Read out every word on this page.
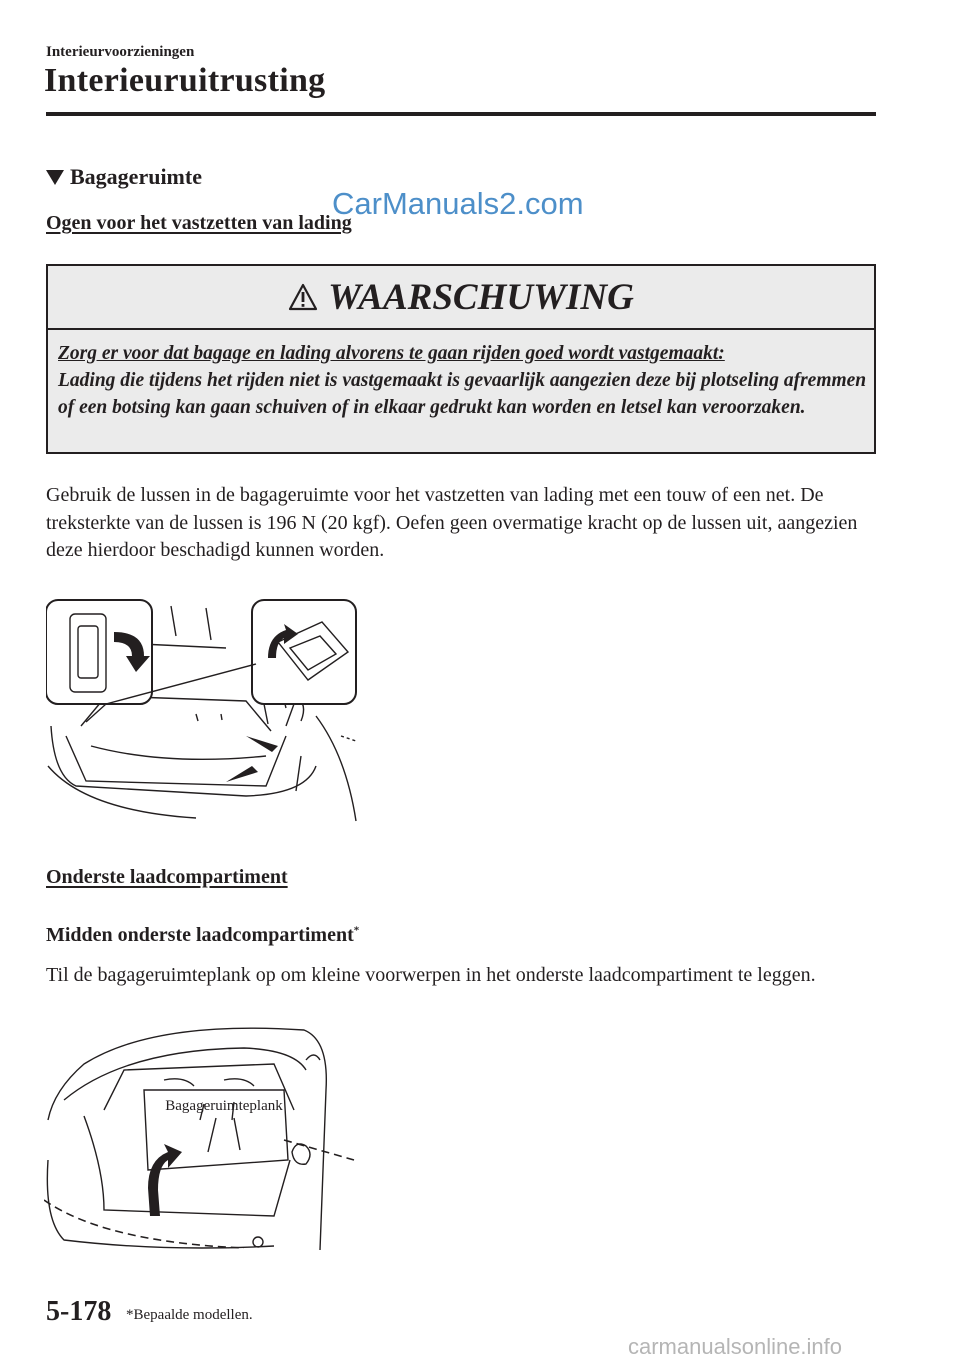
Interieurvoorzieningen
Interieuruitrusting
Bagageruimte
CarManuals2.com
Ogen voor het vastzetten van lading
WAARSCHUWING
Zorg er voor dat bagage en lading alvorens te gaan rijden goed wordt vastgemaakt:
Lading die tijdens het rijden niet is vastgemaakt is gevaarlijk aangezien deze bij plotseling afremmen of een botsing kan gaan schuiven of in elkaar gedrukt kan worden en letsel kan veroorzaken.
Gebruik de lussen in de bagageruimte voor het vastzetten van lading met een touw of een net. De treksterkte van de lussen is 196 N (20 kgf). Oefen geen overmatige kracht op de lussen uit, aangezien deze hierdoor beschadigd kunnen worden.
Onderste laadcompartiment
Midden onderste laadcompartiment*
Til de bagageruimteplank op om kleine voorwerpen in het onderste laadcompartiment te leggen.
Bagageruimteplank
5-178 *Bepaalde modellen.
carmanualsonline.info
